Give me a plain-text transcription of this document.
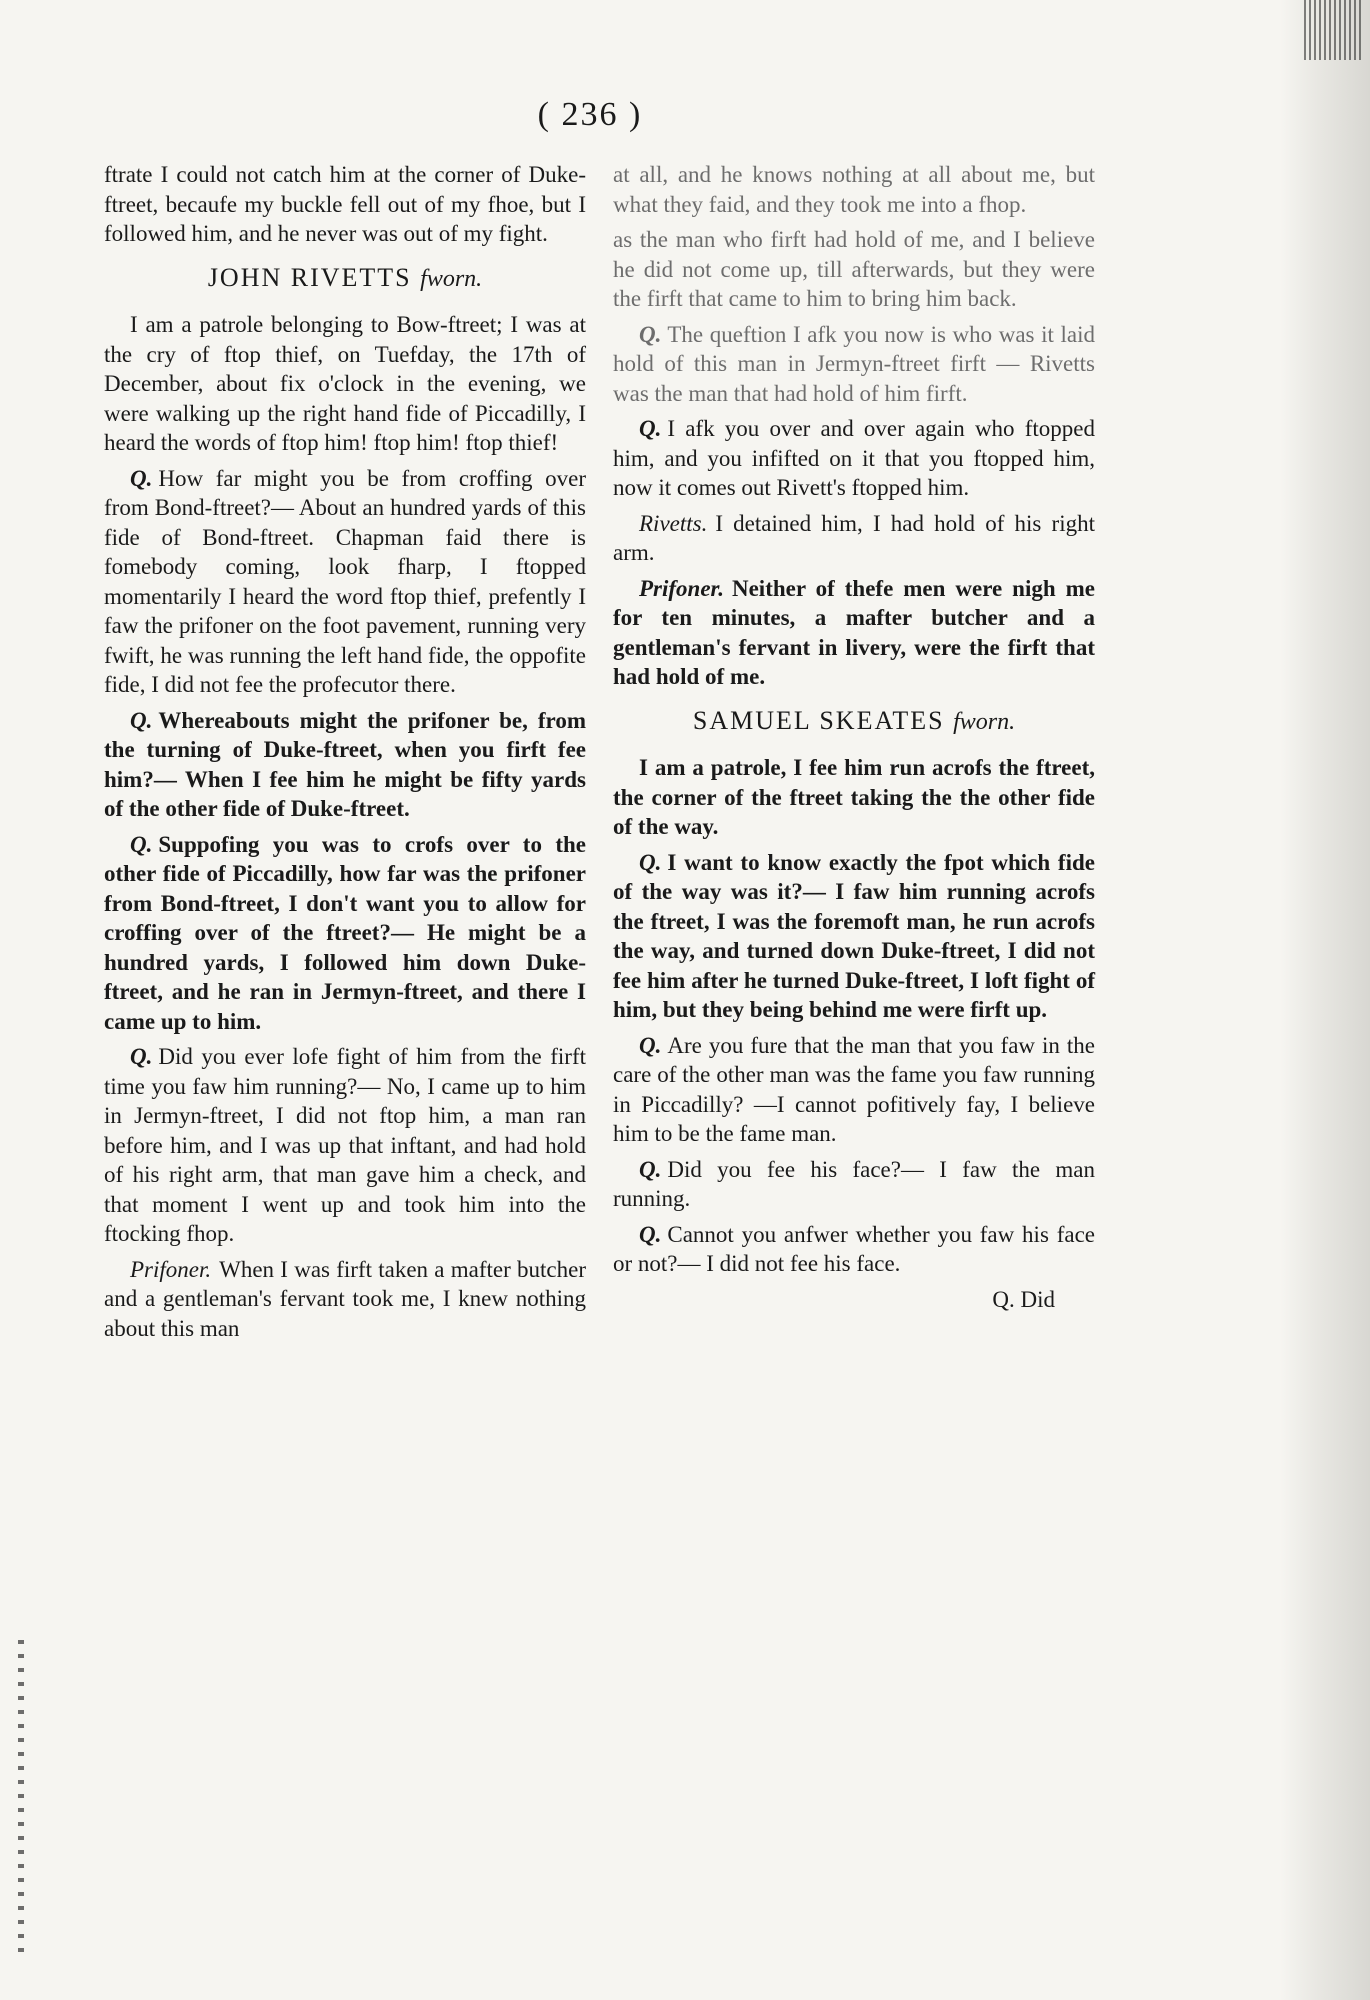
( 236 )

ftrate I could not catch him at the corner of Duke-ftreet, becaufe my buckle fell out of my fhoe, but I followed him, and he never was out of my fight.

JOHN RIVETTS fworn.

I am a patrole belonging to Bow-ftreet; I was at the cry of ftop thief, on Tuefday, the 17th of December, about fix o'clock in the evening, we were walking up the right hand fide of Piccadilly, I heard the words of ftop him! ftop him! ftop thief!

Q. How far might you be from croffing over from Bond-ftreet?— About an hundred yards of this fide of Bond-ftreet. Chapman faid there is fomebody coming, look fharp, I ftopped momentarily I heard the word ftop thief, prefently I faw the prifoner on the foot pavement, running very fwift, he was running the left hand fide, the oppofite fide, I did not fee the profecutor there.

Q. Whereabouts might the prifoner be, from the turning of Duke-ftreet, when you firft fee him?— When I fee him he might be fifty yards of the other fide of Duke-ftreet.

Q. Suppofing you was to crofs over to the other fide of Piccadilly, how far was the prifoner from Bond-ftreet, I don't want you to allow for croffing over of the ftreet?— He might be a hundred yards, I followed him down Duke-ftreet, and he ran in Jermyn-ftreet, and there I came up to him.

Q. Did you ever lofe fight of him from the firft time you faw him running?— No, I came up to him in Jermyn-ftreet, I did not ftop him, a man ran before him, and I was up that inftant, and had hold of his right arm, that man gave him a check, and that moment I went up and took him into the ftocking fhop.

Prifoner. When I was firft taken a mafter butcher and a gentleman's fervant took me, I knew nothing about this man

at all, and he knows nothing at all about me, but what they faid, and they took me into a fhop.

as the man who firft had hold of me, and I believe he did not come up, till afterwards, but they were the firft that came to him to bring him back.

Q. The queftion I afk you now is who was it laid hold of this man in Jermyn-ftreet firft — Rivetts was the man that had hold of him firft.

Q. I afk you over and over again who ftopped him, and you infifted on it that you ftopped him, now it comes out Rivett's ftopped him.

Rivetts. I detained him, I had hold of his right arm.

Prifoner. Neither of thefe men were nigh me for ten minutes, a mafter butcher and a gentleman's fervant in livery, were the firft that had hold of me.

SAMUEL SKEATES fworn.

I am a patrole, I fee him run acrofs the ftreet, the corner of the ftreet taking the the other fide of the way.

Q. I want to know exactly the fpot which fide of the way was it?— I faw him running acrofs the ftreet, I was the foremoft man, he run acrofs the way, and turned down Duke-ftreet, I did not fee him after he turned Duke-ftreet, I loft fight of him, but they being behind me were firft up.

Q. Are you fure that the man that you faw in the care of the other man was the fame you faw running in Piccadilly? —I cannot pofitively fay, I believe him to be the fame man.

Q. Did you fee his face?— I faw the man running.

Q. Cannot you anfwer whether you faw his face or not?— I did not fee his face.

Q. Did
